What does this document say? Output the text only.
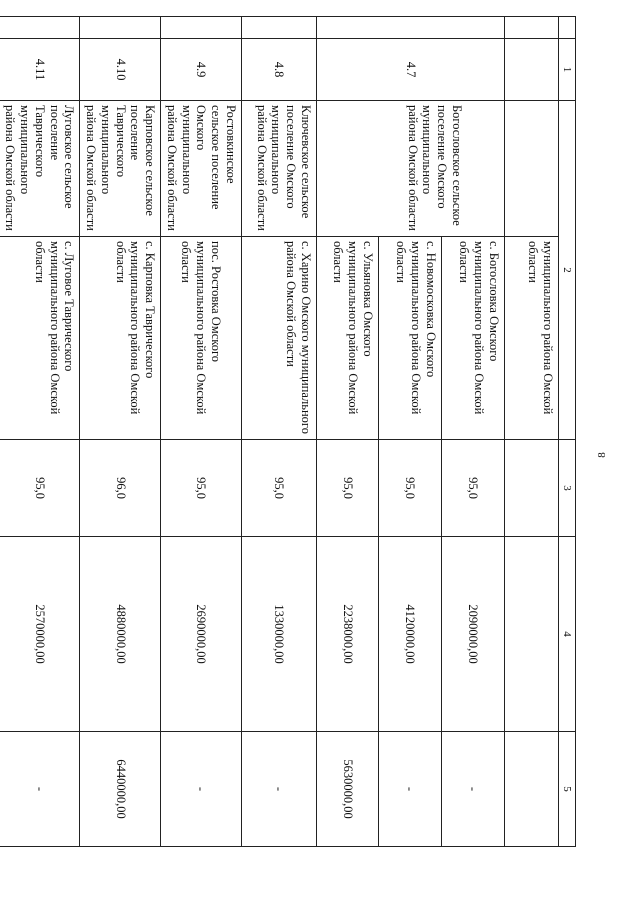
8
	1	2		3	4	5
			муниципального района Омской области			
	4.7	Богословское сельское поселение Омского муниципального района Омской области	с. Богословка Омского муниципального района Омской области	95,0	2090000,00	-
			с. Новомосковка Омского муниципального района Омской области	95,0	4120000,00	-
			с. Ульяновка Омского муниципального района Омской области	95,0	2238000,00	5630000,00
	4.8	Ключевское сельское поселение Омского муниципального района Омской области	с. Харино Омского муниципального района Омской области	95,0	1330000,00	-
	4.9	Ростовкинское сельское поселение Омского муниципального района Омской области	пос. Ростовка Омского муниципального района Омской области	95,0	2690000,00	-
	4.10	Карповское сельское поселение Таврического муниципального района Омской области	с. Карповка Таврического муниципального района Омской области	96,0	4880000,00	6440000,00
	4.11	Луговское сельское поселение Таврического муниципального района Омской области	с. Луговое Таврического муниципального района Омской области	95,0	2570000,00	-
